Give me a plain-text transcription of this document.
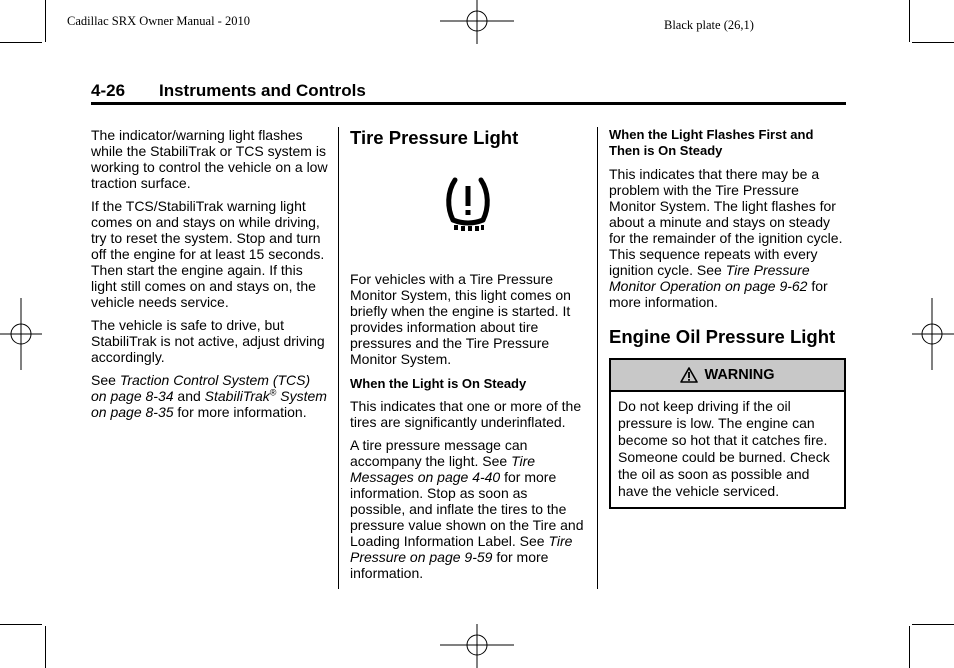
Cadillac SRX Owner Manual - 2010	Black plate (26,1)
4-26 Instruments and Controls

The indicator/warning light flashes while the StabiliTrak or TCS system is working to control the vehicle on a low traction surface.

If the TCS/StabiliTrak warning light comes on and stays on while driving, try to reset the system. Stop and turn off the engine for at least 15 seconds. Then start the engine again. If this light still comes on and stays on, the vehicle needs service.

The vehicle is safe to drive, but StabiliTrak is not active, adjust driving accordingly.

See Traction Control System (TCS) on page 8-34 and StabiliTrak® System on page 8-35 for more information.

Tire Pressure Light

For vehicles with a Tire Pressure Monitor System, this light comes on briefly when the engine is started. It provides information about tire pressures and the Tire Pressure Monitor System.

When the Light is On Steady

This indicates that one or more of the tires are significantly underinflated.

A tire pressure message can accompany the light. See Tire Messages on page 4-40 for more information. Stop as soon as possible, and inflate the tires to the pressure value shown on the Tire and Loading Information Label. See Tire Pressure on page 9-59 for more information.

When the Light Flashes First and Then is On Steady

This indicates that there may be a problem with the Tire Pressure Monitor System. The light flashes for about a minute and stays on steady for the remainder of the ignition cycle. This sequence repeats with every ignition cycle. See Tire Pressure Monitor Operation on page 9-62 for more information.

Engine Oil Pressure Light
WARNING
Do not keep driving if the oil pressure is low. The engine can become so hot that it catches fire. Someone could be burned. Check the oil as soon as possible and have the vehicle serviced.
